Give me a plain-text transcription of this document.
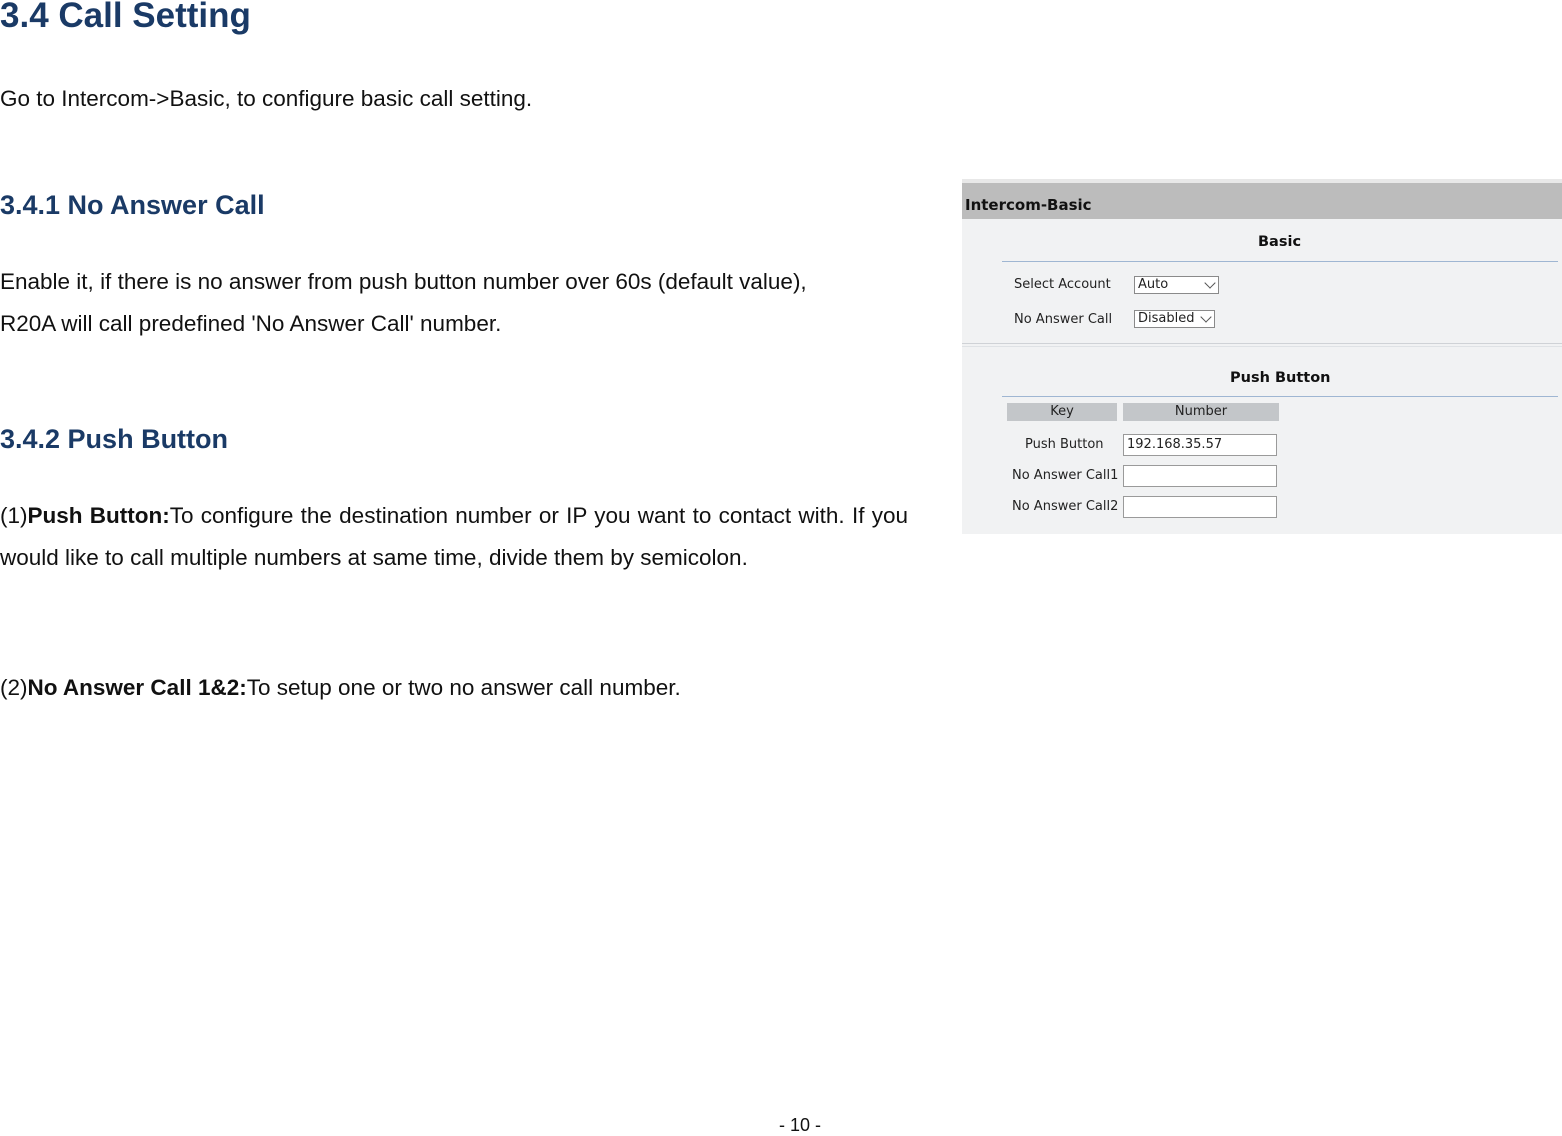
3.4 Call Setting
Go to Intercom->Basic, to configure basic call setting.
3.4.1 No Answer Call
Enable it, if there is no answer from push button number over 60s (default value),
R20A will call predefined 'No Answer Call' number.
3.4.2 Push Button
(1)Push Button:To configure the destination number or IP you want to contact with. If you would like to call multiple numbers at same time, divide them by semicolon.
(2)No Answer Call 1&2:To setup one or two no answer call number.
Intercom-Basic
Basic
Select Account	Auto
No Answer Call	Disabled
Push Button
Key	Number
Push Button	192.168.35.57
No Answer Call1
No Answer Call2
- 10 -
